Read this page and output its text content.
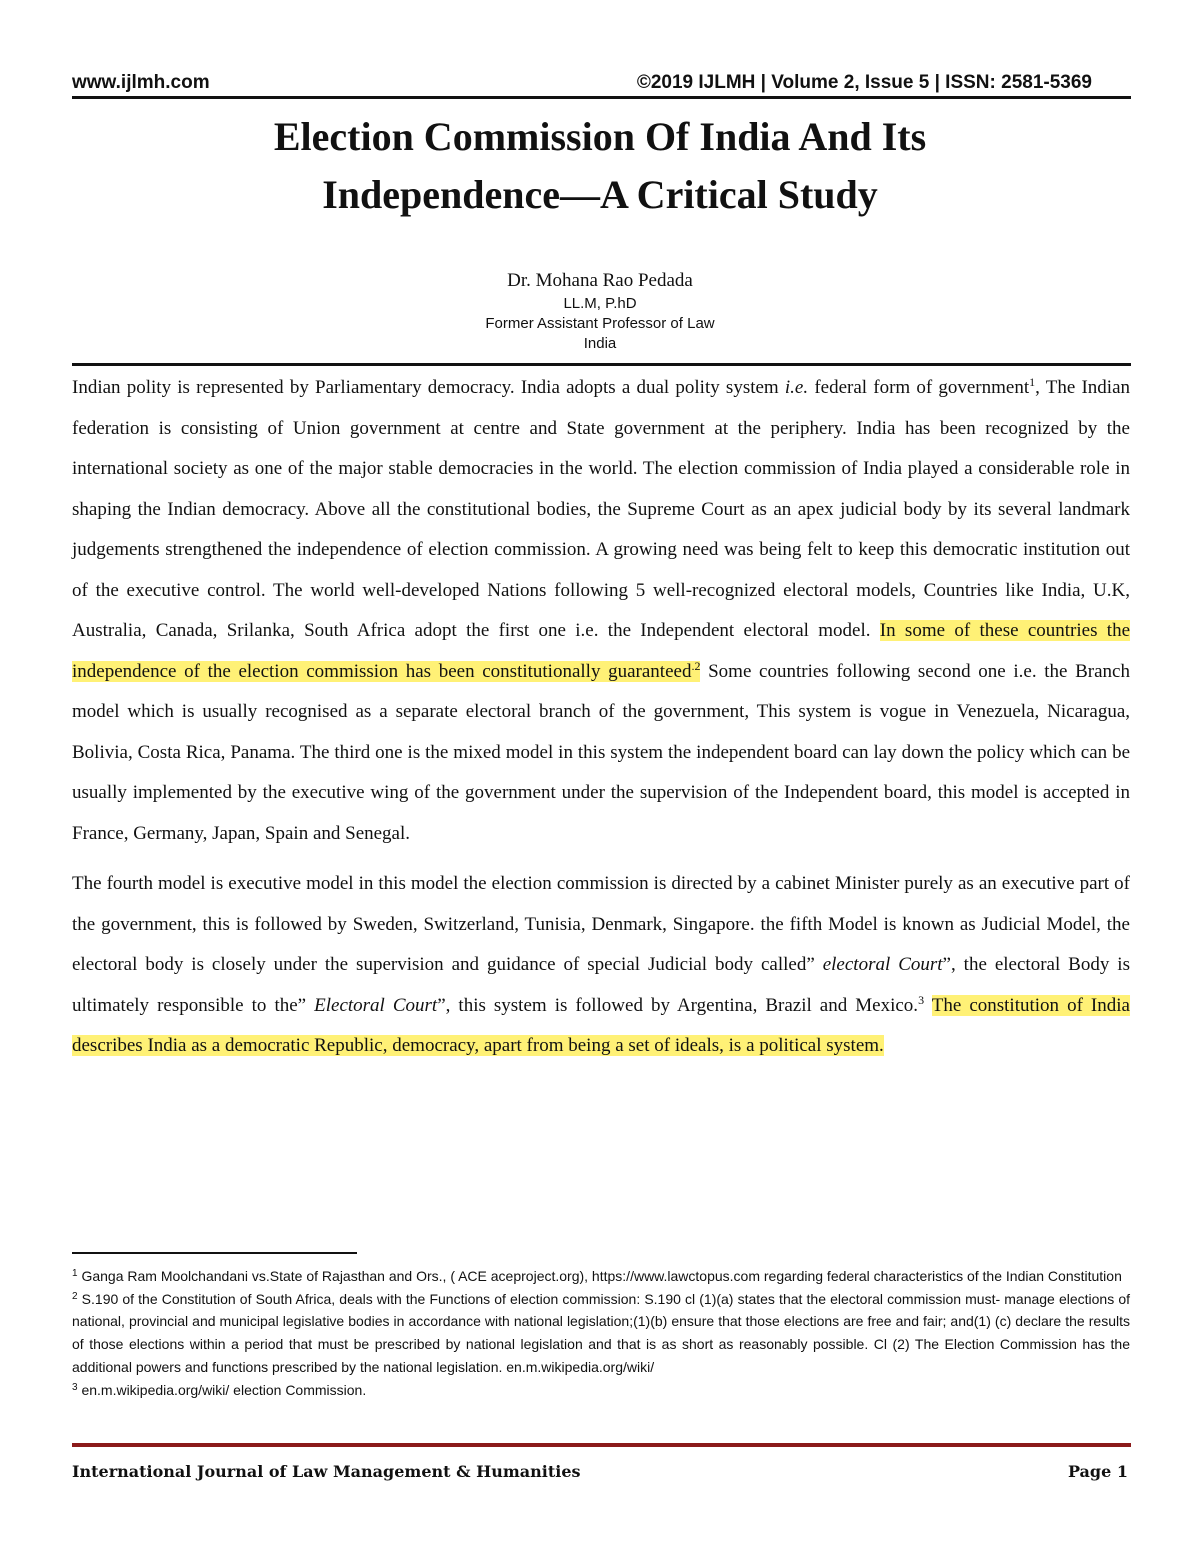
www.ijlmh.com	©2019 IJLMH | Volume 2, Issue 5 | ISSN: 2581-5369
Election Commission Of India And Its
Independence—A Critical Study
Dr. Mohana Rao Pedada
LL.M, P.hD
Former Assistant Professor of Law
India

Indian polity is represented by Parliamentary democracy. India adopts a dual polity system i.e. federal form of government$^1$, The Indian federation is consisting of Union government at centre and State government at the periphery. India has been recognized by the international society as one of the major stable democracies in the world. The election commission of India played a considerable role in shaping the Indian democracy. Above all the constitutional bodies, the Supreme Court as an apex judicial body by its several landmark judgements strengthened the independence of election commission. A growing need was being felt to keep this democratic institution out of the executive control. The world well-developed Nations following 5 well-recognized electoral models, Countries like India, U.K, Australia, Canada, Srilanka, South Africa adopt the first one i.e. the Independent electoral model. In some of these countries the independence of the election commission has been constitutionally guaranteed$^{.2}$ Some countries following second one i.e. the Branch model which is usually recognised as a separate electoral branch of the government, This system is vogue in Venezuela, Nicaragua, Bolivia, Costa Rica, Panama. The third one is the mixed model in this system the independent board can lay down the policy which can be usually implemented by the executive wing of the government under the supervision of the Independent board, this model is accepted in France, Germany, Japan, Spain and Senegal.

The fourth model is executive model in this model the election commission is directed by a cabinet Minister purely as an executive part of the government, this is followed by Sweden, Switzerland, Tunisia, Denmark, Singapore. the fifth Model is known as Judicial Model, the electoral body is closely under the supervision and guidance of special Judicial body called” electoral Court”, the electoral Body is ultimately responsible to the” Electoral Court”, this system is followed by Argentina, Brazil and Mexico.$^3$ The constitution of India describes India as a democratic Republic, democracy, apart from being a set of ideals, is a political system.

$^1$ Ganga Ram Moolchandani vs.State of Rajasthan and Ors., ( ACE aceproject.org), https://www.lawctopus.com regarding federal characteristics of the Indian Constitution

$^2$ S.190 of the Constitution of South Africa, deals with the Functions of election commission: S.190 cl (1)(a) states that the electoral commission must- manage elections of national, provincial and municipal legislative bodies in accordance with national legislation;(1)(b) ensure that those elections are free and fair; and(1) (c) declare the results of those elections within a period that must be prescribed by national legislation and that is as short as reasonably possible. Cl (2) The Election Commission has the additional powers and functions prescribed by the national legislation. en.m.wikipedia.org/wiki/

$^3$ en.m.wikipedia.org/wiki/ election Commission.

International Journal of Law Management & Humanities	Page 1
